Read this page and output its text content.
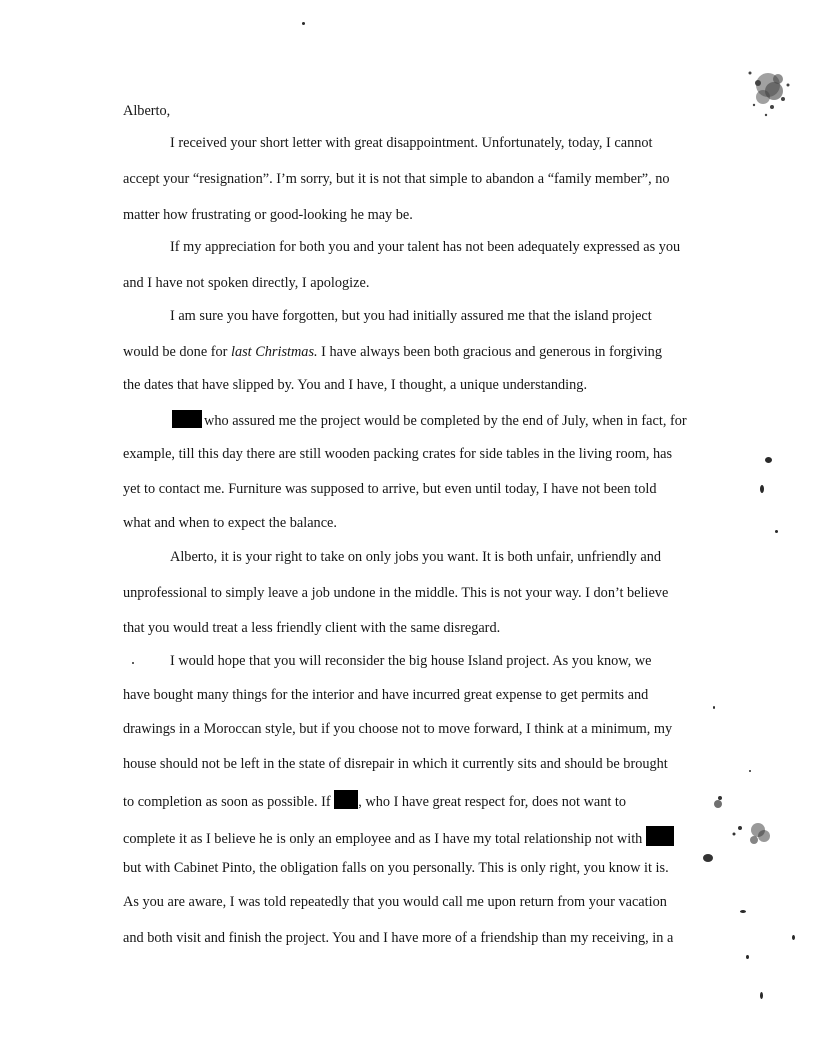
Alberto,
I received your short letter with great disappointment. Unfortunately, today, I cannot
accept your “resignation”. I’m sorry, but it is not that simple to abandon a “family member”, no
matter how frustrating or good-looking he may be.
If my appreciation for both you and your talent has not been adequately expressed as you
and I have not spoken directly, I apologize.
I am sure you have forgotten, but you had initially assured me that the island project
would be done for last Christmas. I have always been both gracious and generous in forgiving
the dates that have slipped by. You and I have, I thought, a unique understanding.
who assured me the project would be completed by the end of July, when in fact, for
example, till this day there are still wooden packing crates for side tables in the living room, has
yet to contact me. Furniture was supposed to arrive, but even until today, I have not been told
what and when to expect the balance.
Alberto, it is your right to take on only jobs you want. It is both unfair, unfriendly and
unprofessional to simply leave a job undone in the middle. This is not your way. I don’t believe
that you would treat a less friendly client with the same disregard.
I would hope that you will reconsider the big house Island project. As you know, we
have bought many things for the interior and have incurred great expense to get permits and
drawings in a Moroccan style, but if you choose not to move forward, I think at a minimum, my
house should not be left in the state of disrepair in which it currently sits and should be brought
to completion as soon as possible. If , who I have great respect for, does not want to
complete it as I believe he is only an employee and as I have my total relationship not with
but with Cabinet Pinto, the obligation falls on you personally. This is only right, you know it is.
As you are aware, I was told repeatedly that you would call me upon return from your vacation
and both visit and finish the project. You and I have more of a friendship than my receiving, in a
